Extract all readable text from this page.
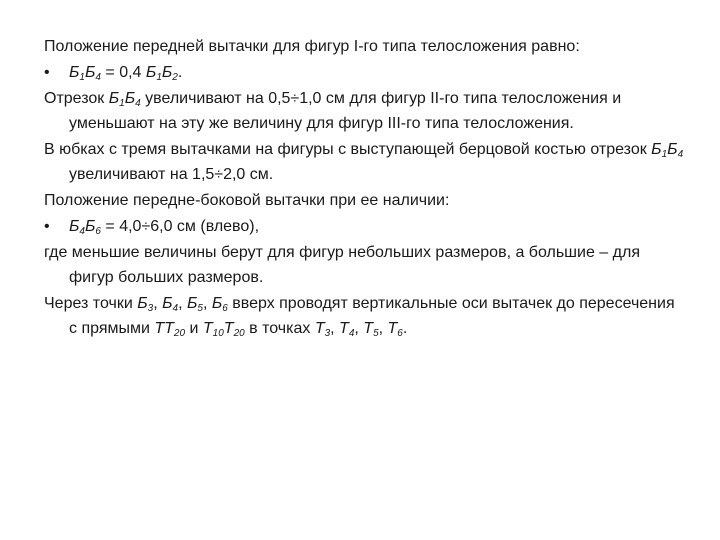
Положение передней вытачки для фигур I-го типа телосложения равно:
• $Б_1Б_4 = 0,4$ $Б_1Б_2$.
Отрезок $Б_1Б_4$ увеличивают на 0,5÷1,0 см для фигур II-го типа телосложения и уменьшают на эту же величину для фигур III-го типа телосложения.
В юбках с тремя вытачками на фигуры с выступающей берцовой костью отрезок $Б_1Б_4$ увеличивают на 1,5÷2,0 см.
Положение передне-боковой вытачки при ее наличии:
• $Б_4Б_6 = 4,0\div 6,0$ см (влево),
где меньшие величины берут для фигур небольших размеров, а большие – для фигур больших размеров.
Через точки $Б_3$, $Б_4$, $Б_5$, $Б_6$ вверх проводят вертикальные оси вытачек до пересечения с прямыми $ТТ_{20}$ и $Т_{10}Т_{20}$ в точках $Т_3$, $Т_4$, $Т_5$, $Т_6$.
